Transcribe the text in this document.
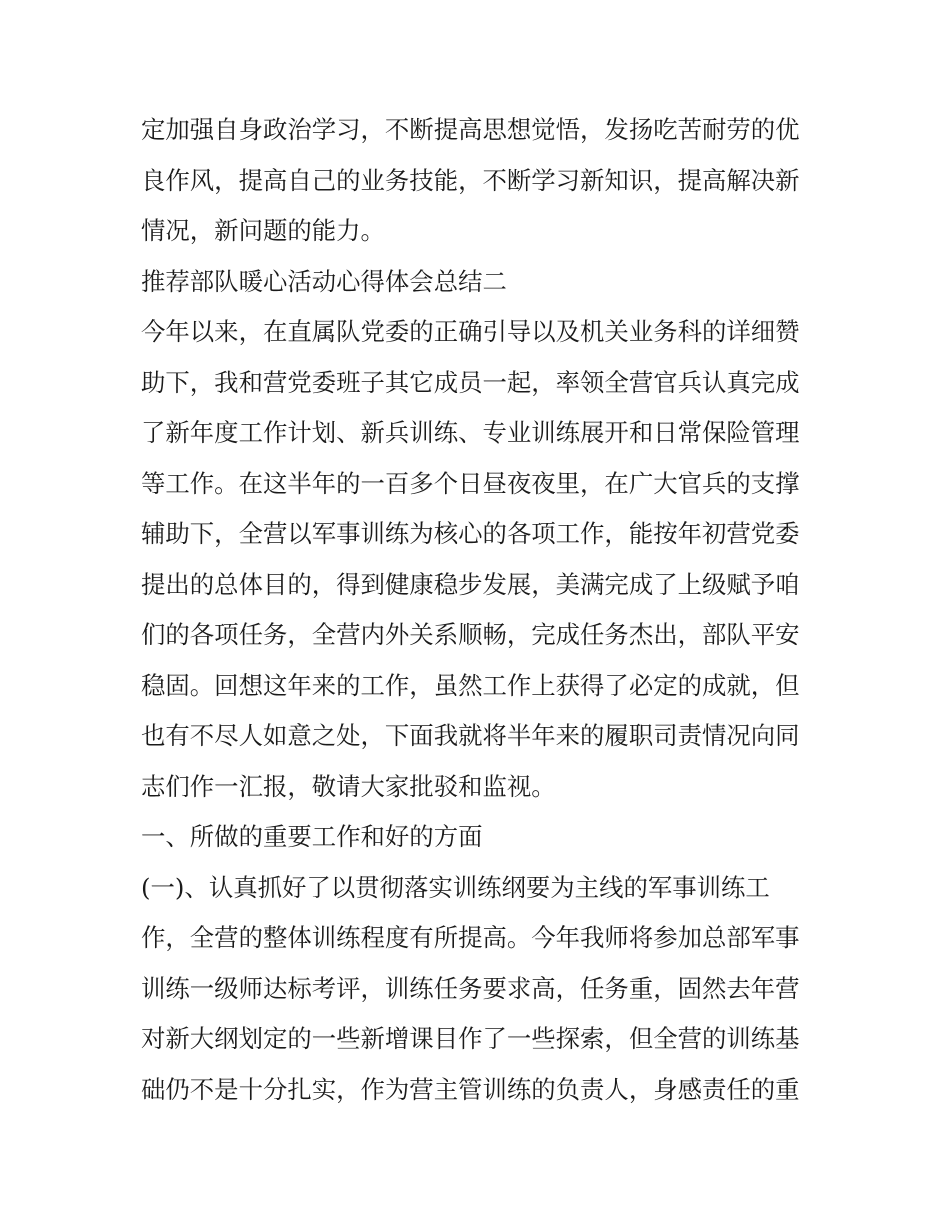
定加强自身政治学习，不断提高思想觉悟，发扬吃苦耐劳的优
良作风，提高自己的业务技能，不断学习新知识，提高解决新
情况，新问题的能力。
推荐部队暖心活动心得体会总结二
今年以来，在直属队党委的正确引导以及机关业务科的详细赞
助下，我和营党委班子其它成员一起，率领全营官兵认真完成
了新年度工作计划、新兵训练、专业训练展开和日常保险管理
等工作。在这半年的一百多个日昼夜夜里，在广大官兵的支撑
辅助下，全营以军事训练为核心的各项工作，能按年初营党委
提出的总体目的，得到健康稳步发展，美满完成了上级赋予咱
们的各项任务，全营内外关系顺畅，完成任务杰出，部队平安
稳固。回想这年来的工作，虽然工作上获得了必定的成就，但
也有不尽人如意之处，下面我就将半年来的履职司责情况向同
志们作一汇报，敬请大家批驳和监视。
一、所做的重要工作和好的方面
(一)、认真抓好了以贯彻落实训练纲要为主线的军事训练工
作，全营的整体训练程度有所提高。今年我师将参加总部军事
训练一级师达标考评，训练任务要求高，任务重，固然去年营
对新大纲划定的一些新增课目作了一些探索，但全营的训练基
础仍不是十分扎实，作为营主管训练的负责人，身感责任的重
